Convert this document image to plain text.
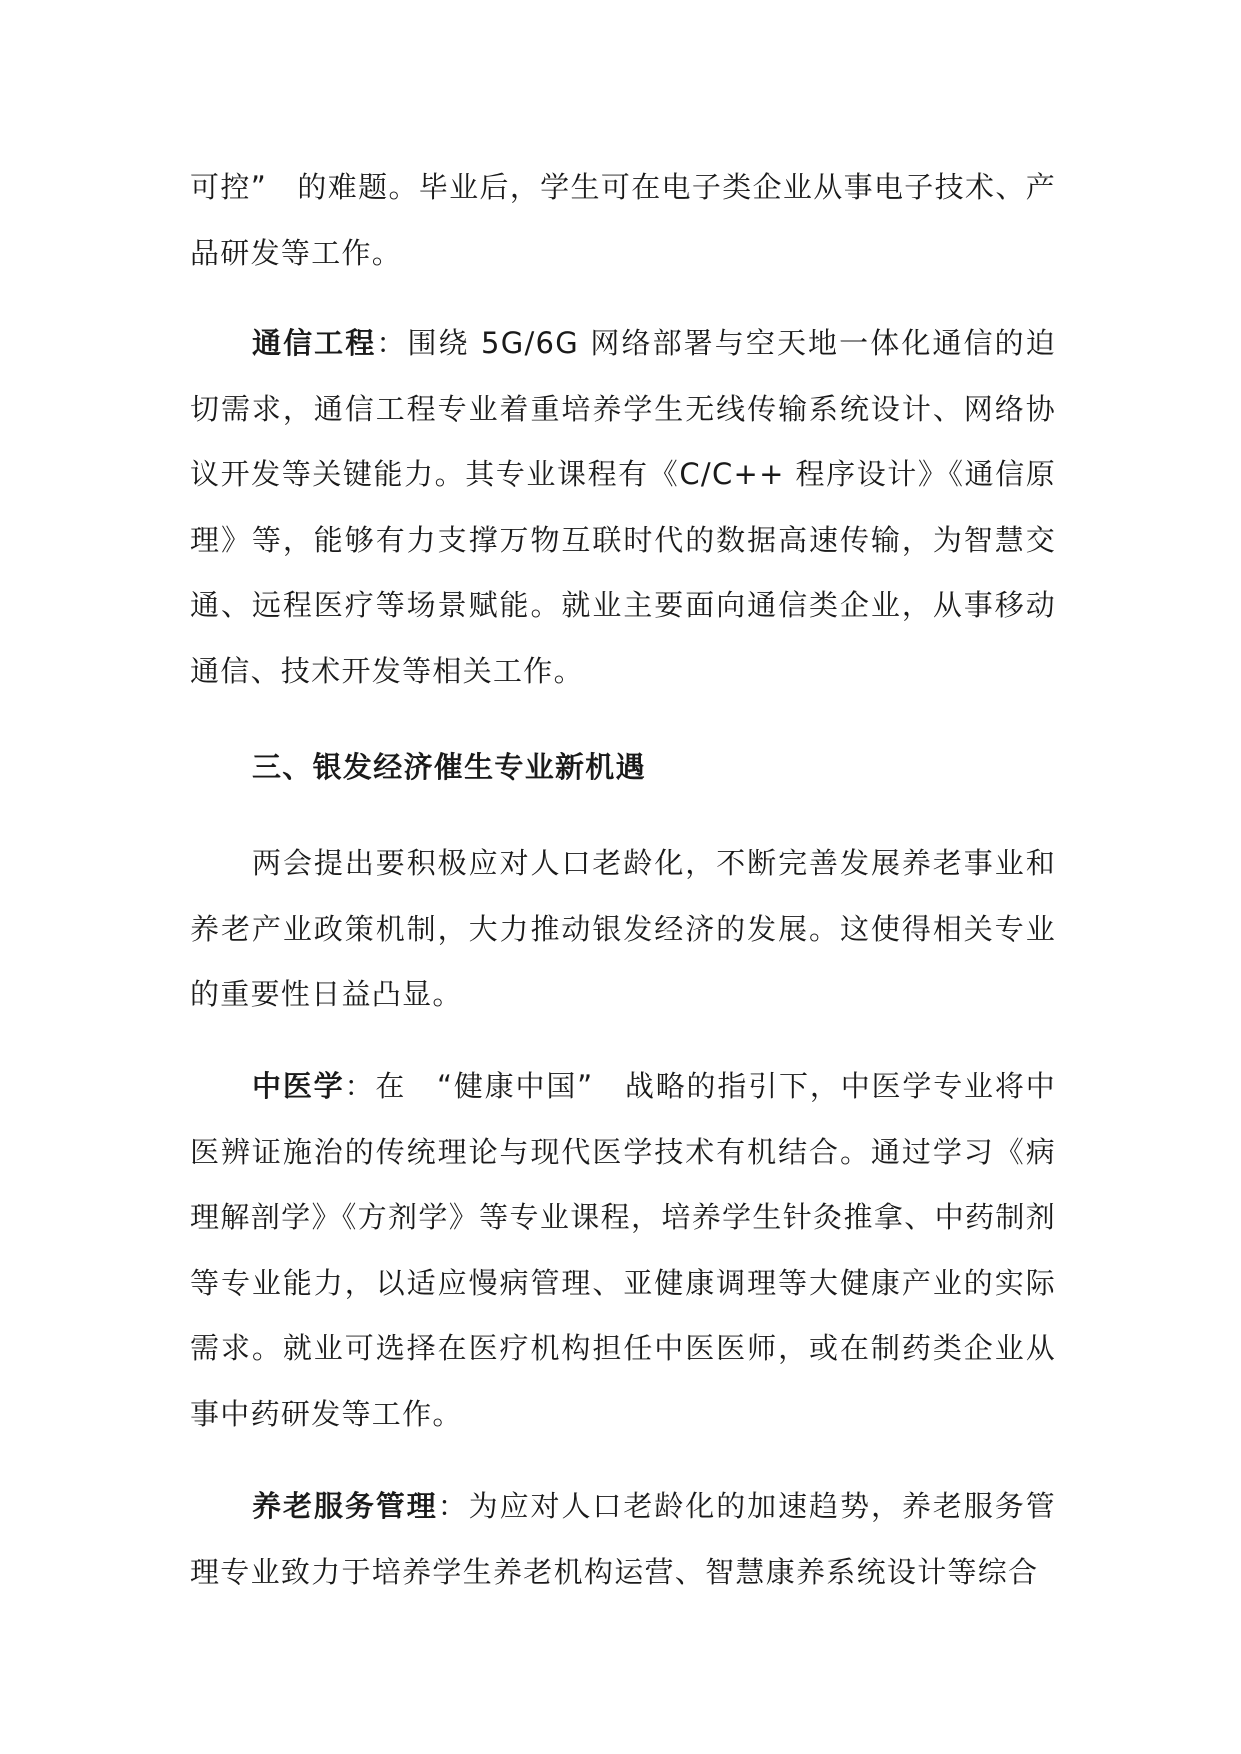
可控”　的难题。毕业后，学生可在电子类企业从事电子技术、产品研发等工作。

通信工程：围绕 5G/6G 网络部署与空天地一体化通信的迫切需求，通信工程专业着重培养学生无线传输系统设计、网络协议开发等关键能力。其专业课程有《C/C++ 程序设计》《通信原理》等，能够有力支撑万物互联时代的数据高速传输，为智慧交通、远程医疗等场景赋能。就业主要面向通信类企业，从事移动通信、技术开发等相关工作。

三、银发经济催生专业新机遇

两会提出要积极应对人口老龄化，不断完善发展养老事业和养老产业政策机制，大力推动银发经济的发展。这使得相关专业的重要性日益凸显。

中医学：在　“健康中国”　战略的指引下，中医学专业将中医辨证施治的传统理论与现代医学技术有机结合。通过学习《病理解剖学》《方剂学》等专业课程，培养学生针灸推拿、中药制剂等专业能力，以适应慢病管理、亚健康调理等大健康产业的实际需求。就业可选择在医疗机构担任中医医师，或在制药类企业从事中药研发等工作。

养老服务管理：为应对人口老龄化的加速趋势，养老服务管理专业致力于培养学生养老机构运营、智慧康养系统设计等综合
